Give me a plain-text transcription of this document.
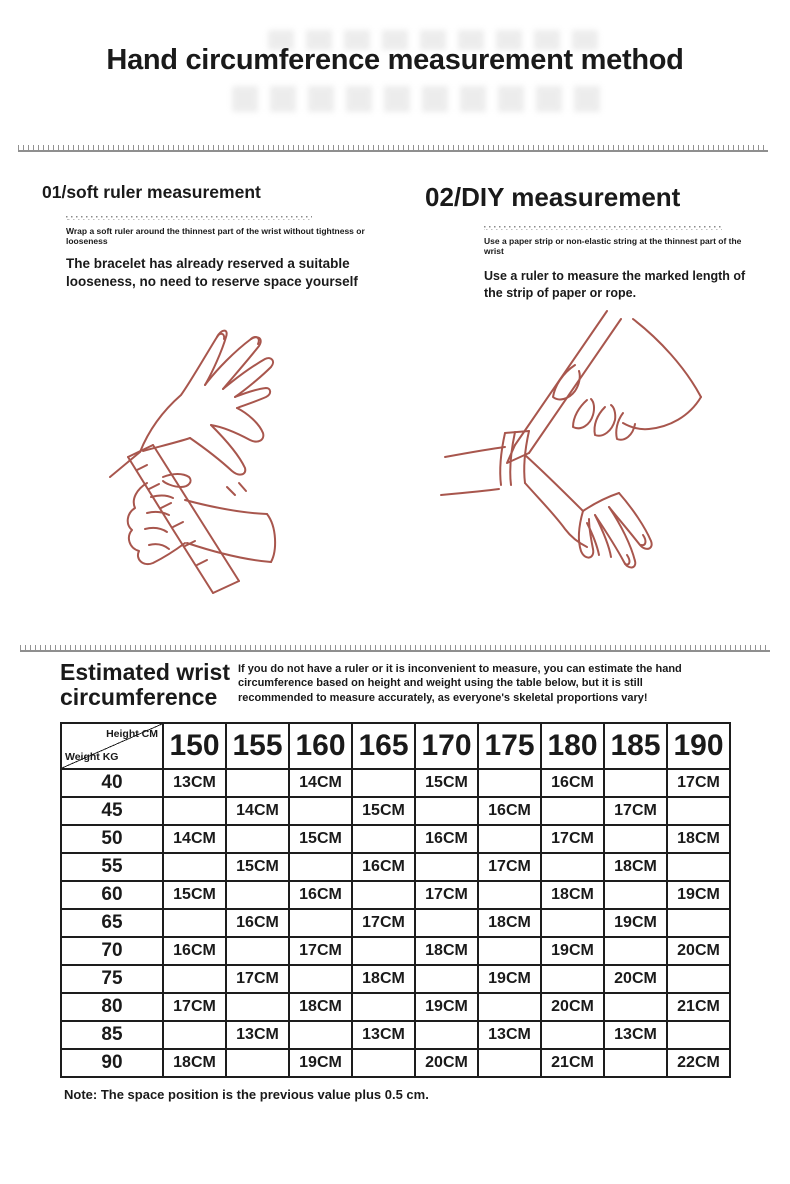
Hand circumference measurement method
01/soft ruler measurement
Wrap a soft ruler around the thinnest part of the wrist without tightness or looseness
The bracelet has already reserved a suitable looseness, no need to reserve space yourself
02/DIY measurement
Use a paper strip or non-elastic string at the thinnest part of the wrist
Use a ruler to measure the marked length of the strip of paper or rope.
Estimated wrist circumference
If you do not have a ruler or it is inconvenient to measure, you can estimate the hand circumference based on height and weight using the table below, but it is still recommended to measure accurately, as everyone's skeletal proportions vary!
Height CM
Weight KG	150	155	160	165	170	175	180	185	190
40	13CM		14CM		15CM		16CM		17CM
45		14CM		15CM		16CM		17CM	
50	14CM		15CM		16CM		17CM		18CM
55		15CM		16CM		17CM		18CM	
60	15CM		16CM		17CM		18CM		19CM
65		16CM		17CM		18CM		19CM	
70	16CM		17CM		18CM		19CM		20CM
75		17CM		18CM		19CM		20CM	
80	17CM		18CM		19CM		20CM		21CM
85		13CM		13CM		13CM		13CM	
90	18CM		19CM		20CM		21CM		22CM
Note: The space position is the previous value plus 0.5 cm.
